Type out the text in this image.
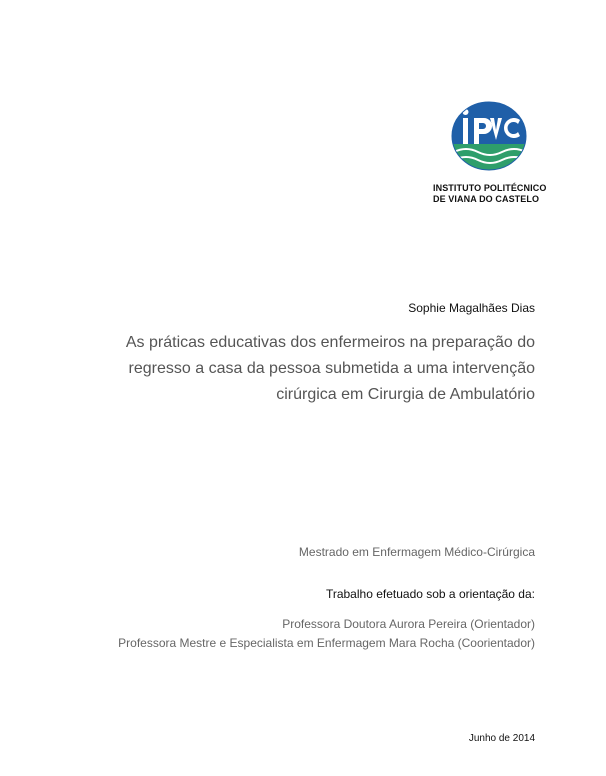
INSTITUTO POLITÉCNICO
DE VIANA DO CASTELO
Sophie Magalhães Dias
As práticas educativas dos enfermeiros na preparação do
regresso a casa da pessoa submetida a uma intervenção
cirúrgica em Cirurgia de Ambulatório
Mestrado em Enfermagem Médico-Cirúrgica
Trabalho efetuado sob a orientação da:
Professora Doutora Aurora Pereira (Orientador)
Professora Mestre e Especialista em Enfermagem Mara Rocha (Coorientador)
Junho de 2014
